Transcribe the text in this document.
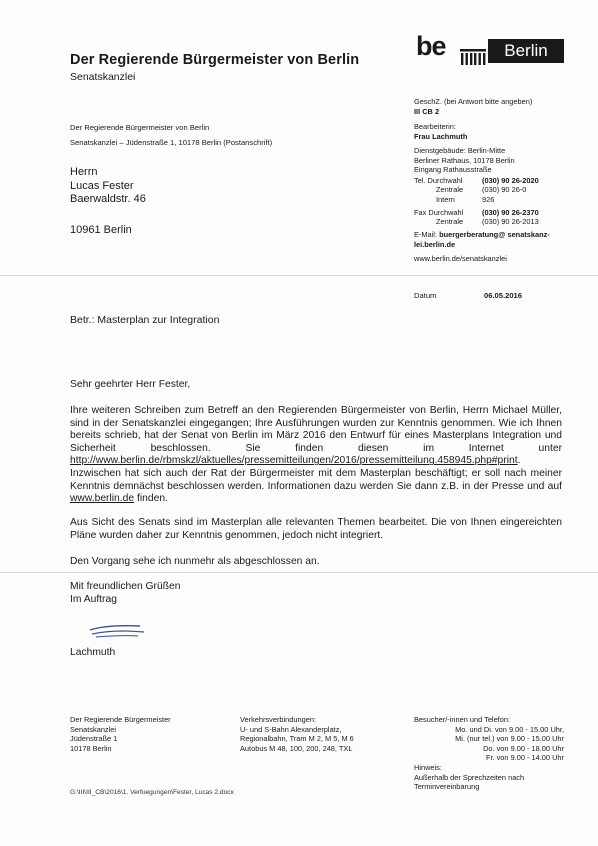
Der Regierende Bürgermeister von Berlin
Senatskanzlei
be	Berlin
Der Regierende Bürgermeister von Berlin
Senatskanzlei – Jüdenstraße 1, 10178 Berlin (Postanschrift)
Herrn
Lucas Fester
Baerwaldstr. 46
10961 Berlin
GeschZ. (bei Antwort bitte angeben)
III CB 2
Bearbeiterin:
Frau Lachmuth
Dienstgebäude: Berlin-Mitte
Berliner Rathaus, 10178 Berlin
Eingang Rathausstraße
Tel. Durchwahl	(030) 90 26-2020
Zentrale	(030) 90 26-0
Intern	926
Fax Durchwahl	(030) 90 26-2370
Zentrale	(030) 90 26-2013
E-Mail: buergerberatung@ senatskanz-
lei.berlin.de
www.berlin.de/senatskanzlei
Datum	06.05.2016
Betr.: Masterplan zur Integration
Sehr geehrter Herr Fester,
Ihre weiteren Schreiben zum Betreff an den Regierenden Bürgermeister von Berlin, Herrn Michael Müller, sind in der Senatskanzlei eingegangen; Ihre Ausführungen wurden zur Kenntnis genommen. Wie ich Ihnen bereits schrieb, hat der Senat von Berlin im März 2016 den Entwurf für eines Masterplans Integration und Sicherheit beschlossen. Sie finden diesen im Internet unter http://www.berlin.de/rbmskzl/aktuelles/pressemitteilungen/2016/pressemitteilung.458945.php#print. Inzwischen hat sich auch der Rat der Bürgermeister mit dem Masterplan beschäftigt; er soll nach meiner Kenntnis demnächst beschlossen werden. Informationen dazu werden Sie dann z.B. in der Presse und auf www.berlin.de finden.
Aus Sicht des Senats sind im Masterplan alle relevanten Themen bearbeitet. Die von Ihnen eingereichten Pläne wurden daher zur Kenntnis genommen, jedoch nicht integriert.
Den Vorgang sehe ich nunmehr als abgeschlossen an.
Mit freundlichen Grüßen
Im Auftrag
Lachmuth
Der Regierende Bürgermeister
Senatskanzlei
Jüdenstraße 1
10178 Berlin
Verkehrsverbindungen:
U- und S-Bahn Alexanderplatz,
Regionalbahn, Tram M 2, M 5, M 6
Autobus M 48, 100, 200, 248, TXL
Besucher/-innen und Telefon:
Mo. und Di. von 9.00 - 15.00 Uhr,
Mi. (nur tel.) von 9.00 - 15.00 Uhr
Do. von 9.00 - 18.00 Uhr
Fr. von 9.00 - 14.00 Uhr
Hinweis:
Außerhalb der Sprechzeiten nach
Terminvereinbarung
G:\III\III_CB\2016\1. Verfuegungen\Fester, Lucas 2.docx
